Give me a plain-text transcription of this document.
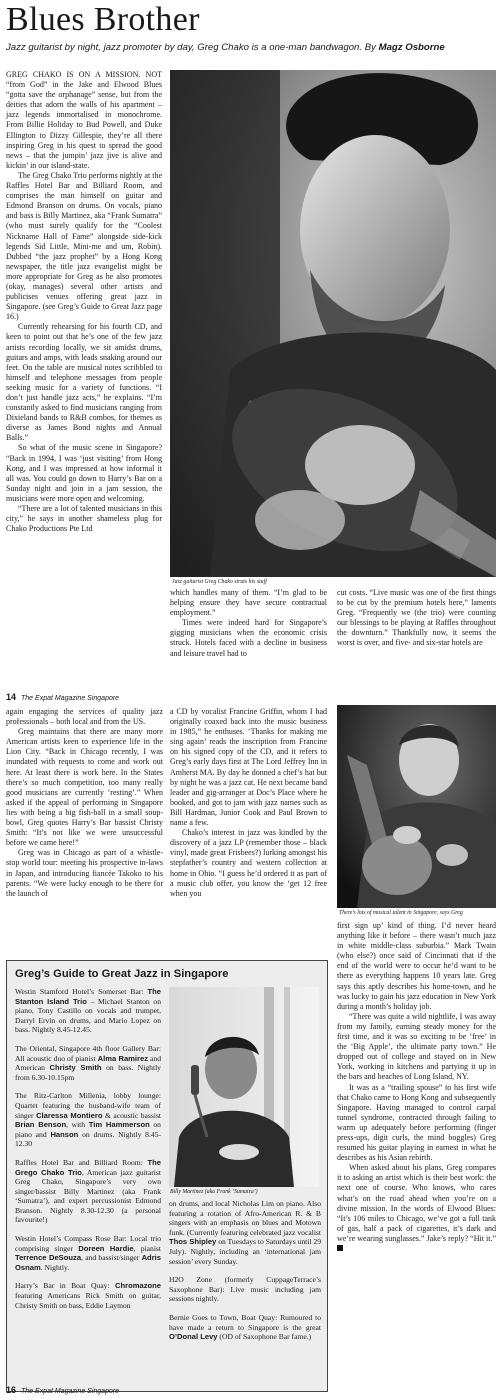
Blues Brother
Jazz guitarist by night, jazz promoter by day, Greg Chako is a one-man bandwagon. By Magz Osborne

GREG CHAKO IS ON A MISSION. NOT “from God” in the Jake and Elwood Blues “gotta save the orphanage” sense, but from the deities that adorn the walls of his apartment – jazz legends immortalised in monochrome. From Billie Holiday to Bud Powell, and Duke Ellington to Dizzy Gillespie, they’re all there inspiring Greg in his quest to spread the good news – that the jumpin’ jazz jive is alive and kickin’ in our island-state.

The Greg Chako Trio performs nightly at the Raffles Hotel Bar and Billiard Room, and comprises the man himself on guitar and Edmond Branson on drums. On vocals, piano and bass is Billy Martinez, aka “Frank Sumatra” (who must surely qualify for the “Coolest Nickname Hall of Fame” alongside side-kick legends Sid Little, Mini-me and um, Robin). Dubbed “the jazz prophet” by a Hong Kong newspaper, the title jazz evangelist might be more appropriate for Greg as he also promotes (okay, manages) several other artists and publicises venues offering great jazz in Singapore. (see Greg’s Guide to Great Jazz page 16.)

Currently rehearsing for his fourth CD, and keen to point out that he’s one of the few jazz artists recording locally, we sit amidst drums, guitars and amps, with leads snaking around our feet. On the table are musical notes scribbled to himself and telephone messages from people seeking music for a variety of functions. “I don’t just handle jazz acts,” he explains. “I’m constantly asked to find musicians ranging from Dixieland bands to R&B combos, for themes as diverse as James Bond nights and Annual Balls.”

So what of the music scene in Singapore? “Back in 1994, I was ‘just visiting’ from Hong Kong, and I was impressed at how informal it all was. You could go down to Harry’s Bar on a Sunday night and join in a jam session, the musicians were more open and welcoming.

“There are a lot of talented musicians in this city,” he says in another shameless plug for Chako Productions Pte Ltd

Jazz guitarist Greg Chako struts his stuff

which handles many of them. “I’m glad to be helping ensure they have secure contractual employment.”

Times were indeed hard for Singapore’s gigging musicians when the economic crisis struck. Hotels faced with a decline in business and leisure travel had to

cut costs. “Live music was one of the first things to be cut by the premium hotels here,” laments Greg. “Frequently we (the trio) were counting our blessings to be playing at Raffles throughout the downturn.” Thankfully now, it seems the worst is over, and five- and six-star hotels are

14 The Expat Magazine Singapore

again engaging the services of quality jazz professionals – both local and from the US.

Greg maintains that there are many more American artists keen to experience life in the Lion City. “Back in Chicago recently, I was inundated with requests to come and work out here. At least there is work here. In the States there’s so much competition, too many really good musicians are currently ‘resting’.” When asked if the appeal of performing in Singapore lies with being a big fish-ball in a small soup-bowl, Greg quotes Harry’s Bar bassist Christy Smith: “It’s not like we were unsuccessful before we came here!”

Greg was in Chicago as part of a whistle-stop world tour: meeting his prospective in-laws in Japan, and introducing fiancée Takoko to his parents. “We were lucky enough to be there for the launch of

a CD by vocalist Francine Griffin, whom I had originally coaxed back into the music business in 1985,” he enthuses. ‘Thanks for making me sing again’ reads the inscription from Francine on his signed copy of the CD, and it refers to Greg’s early days first at The Lord Jeffrey Inn in Amherst MA. By day he donned a chef’s hat but by night he was a jazz cat. He next became band leader and gig-arranger at Doc’s Place where he booked, and got to jam with jazz names such as Bill Hardman, Junior Cook and Paul Brown to name a few.

Chako’s interest in jazz was kindled by the discovery of a jazz LP (remember those – black vinyl, made great Frisbees?) lurking amongst his stepfather’s country and western collection at home in Ohio. “I guess he’d ordered it as part of a music club offer, you know the ‘get 12 free when you

There’s lots of musical talent in Singapore, says Greg

first sign up’ kind of thing. I’d never heard anything like it before – there wasn’t much jazz in white middle-class suburbia.” Mark Twain (who else?) once said of Cincinnati that if the end of the world were to occur he’d want to be there as everything happens 10 years late. Greg says this aptly describes his home-town, and he was lucky to gain his jazz education in New York during a month’s holiday job.

“There was quite a wild nightlife, I was away from my family, earning steady money for the first time, and it was so exciting to be ‘free’ in the ‘Big Apple’, the ultimate party town.” He dropped out of college and stayed on in New York, working in kitchens and partying it up in the bars and beaches of Long Island, NY.

It was as a “trailing spouse” to his first wife that Chako came to Hong Kong and subsequently Singapore. Having managed to control carpal tunnel syndrome, contracted through failing to warm up adequately before performing (finger press-ups, digit curls, the mind boggles) Greg resumed his guitar playing in earnest in what he describes as his Asian rebirth.

When asked about his plans, Greg compares it to asking an artist which is their best work: the next one of course. Who knows, who cares what’s on the road ahead when you’re on a divine mission. In the words of Elwood Blues: “It’s 106 miles to Chicago, we’ve got a full tank of gas, half a pack of cigarettes, it’s dark and we’re wearing sunglasses.” Jake’s reply? “Hit it.”

Greg’s Guide to Great Jazz in Singapore

Westin Stamford Hotel’s Somerset Bar: The Stanton Island Trio – Michael Stanton on piano, Tony Castillo on vocals and trumpet, Darryl Ervin on drums, and Mario Lopez on bass. Nightly 8.45-12.45.

The Oriental, Singapore 4th floor Gallery Bar: All acoustic duo of pianist Alma Ramirez and American Christy Smith on bass. Nightly from 6.30-10.15pm

The Ritz-Carlton Millenia, lobby lounge: Quartet featuring the husband-wife team of singer Claressa Montiero & acoustic bassist Brian Benson, with Tim Hammerson on piano and Hanson on drums. Nightly 8.45-12.30

Raffles Hotel Bar and Billiard Room: The Grego Chako Trio, American jazz guitarist Greg Chako, Singapore’s very own singer/bassist Billy Martinez (aka Frank ‘Sumatra’), and expert percussionist Edmond Branson. Nightly 8.30-12.30 (a personal favourite!)

Westin Hotel’s Compass Rose Bar: Local trio comprising singer Doreen Hardie, pianist Terrence DeSouza, and bassist/singer Adris Osnam. Nightly.

Harry’s Bar in Boat Quay: Chromazone featuring Americans Rick Smith on guitar, Christy Smith on bass, Eddie Laymon

Billy Martinez (aka Frank ‘Sumatra’)

on drums, and local Nicholas Lim on piano. Also featuring a rotation of Afro-American R. & B singers with an emphasis on blues and Motown funk. (Currently featuring celebrated jazz vocalist Thos Shipley on Tuesdays to Saturdays until 29 July). Nightly, including an ‘international jam session’ every Sunday.

H2O Zone (formerly CuppageTerrace’s Saxophone Bar): Live music including jam sessions nightly.

Bernie Goes to Town, Boat Quay: Rumoured to have made a return to Singapore is the great O’Donal Levy (OD of Saxophone Bar fame.)

16 The Expat Magazine Singapore
